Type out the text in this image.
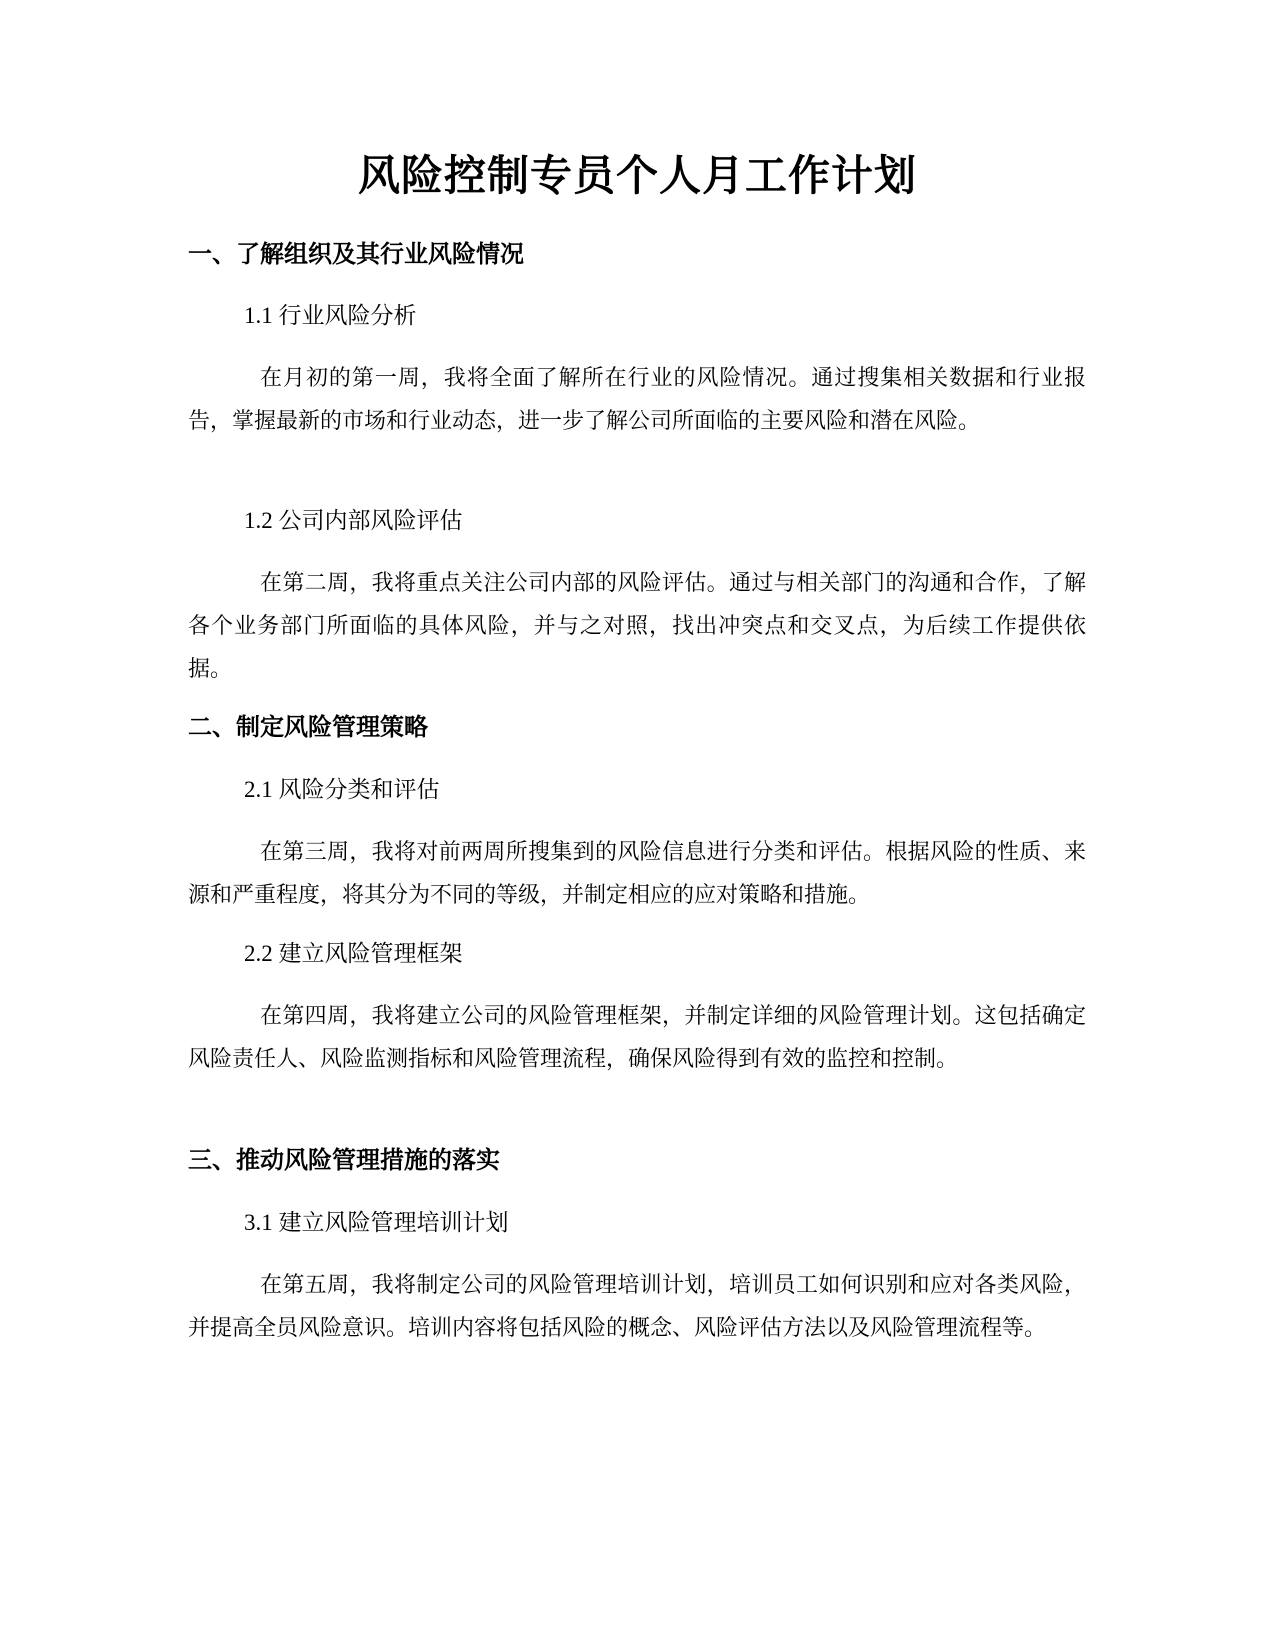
风险控制专员个人月工作计划
一、了解组织及其行业风险情况
1.1 行业风险分析
在月初的第一周，我将全面了解所在行业的风险情况。通过搜集相关数据和行业报告，掌握最新的市场和行业动态，进一步了解公司所面临的主要风险和潜在风险。
1.2 公司内部风险评估
在第二周，我将重点关注公司内部的风险评估。通过与相关部门的沟通和合作，了解各个业务部门所面临的具体风险，并与之对照，找出冲突点和交叉点，为后续工作提供依据。
二、制定风险管理策略
2.1 风险分类和评估
在第三周，我将对前两周所搜集到的风险信息进行分类和评估。根据风险的性质、来源和严重程度，将其分为不同的等级，并制定相应的应对策略和措施。
2.2 建立风险管理框架
在第四周，我将建立公司的风险管理框架，并制定详细的风险管理计划。这包括确定风险责任人、风险监测指标和风险管理流程，确保风险得到有效的监控和控制。
三、推动风险管理措施的落实
3.1 建立风险管理培训计划
在第五周，我将制定公司的风险管理培训计划，培训员工如何识别和应对各类风险，并提高全员风险意识。培训内容将包括风险的概念、风险评估方法以及风险管理流程等。
